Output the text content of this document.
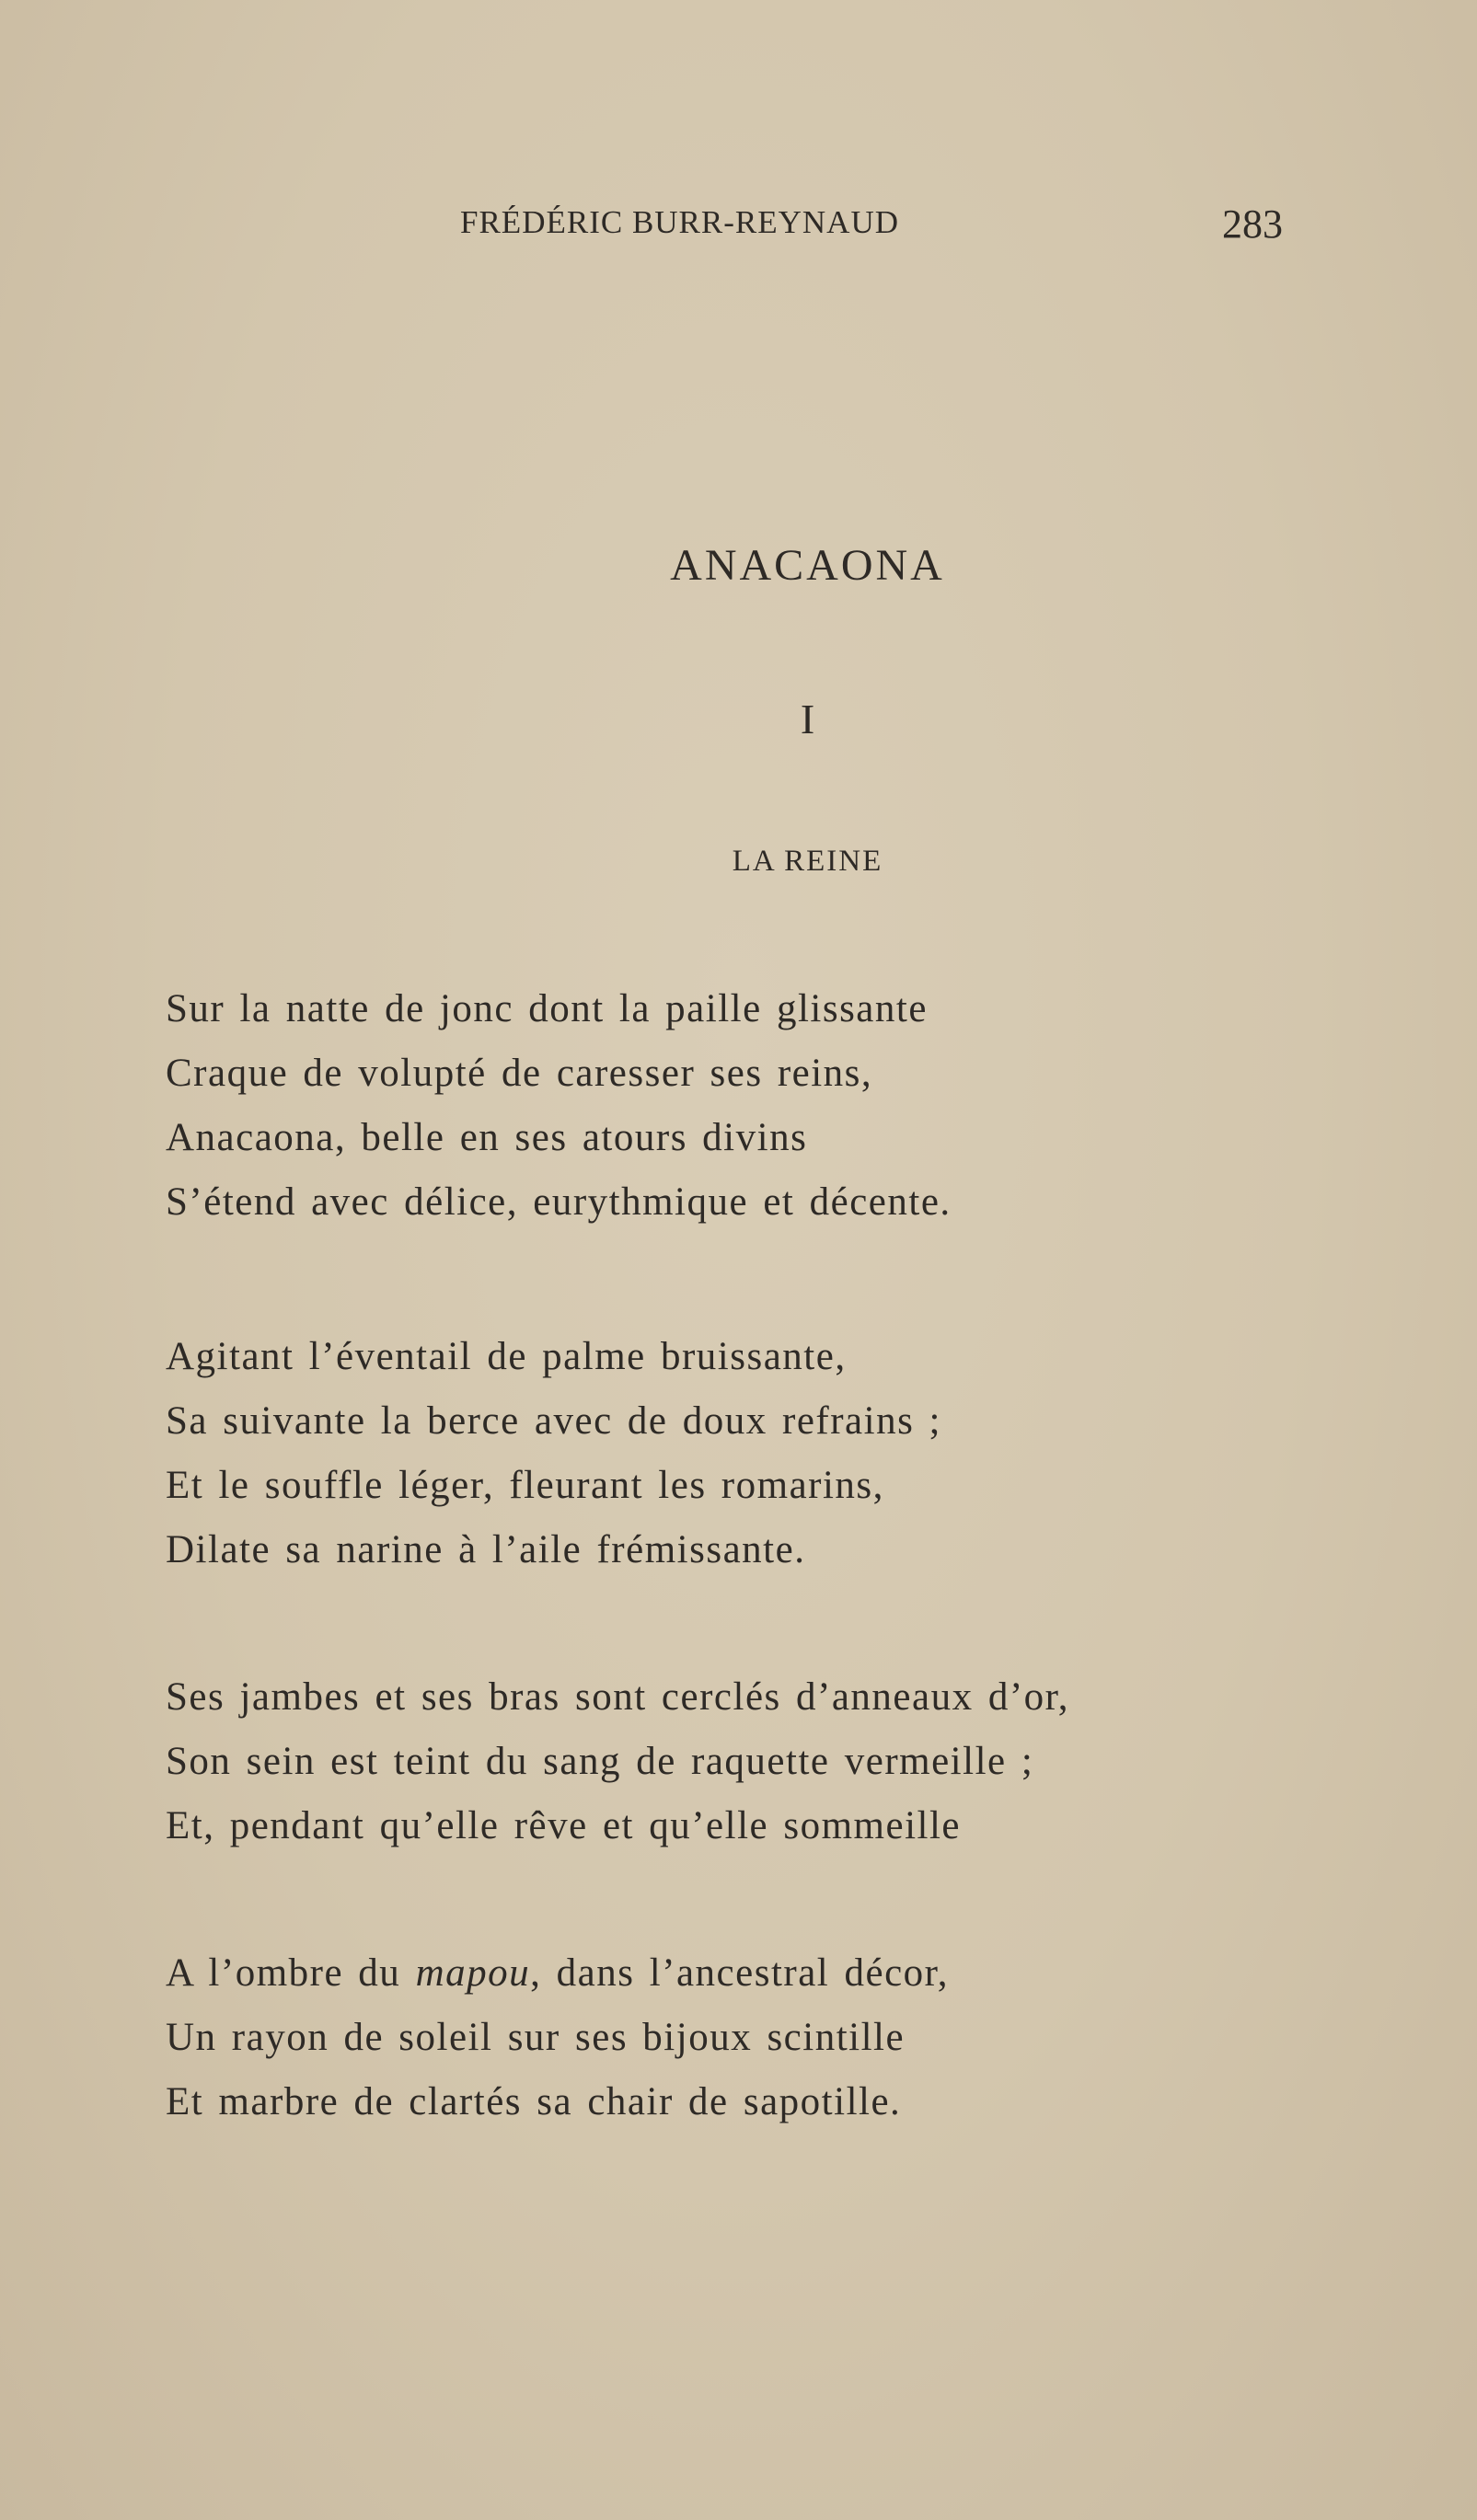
FRÉDÉRIC BURR-REYNAUD	283
ANACAONA
I
LA REINE
Sur la natte de jonc dont la paille glissante
Craque de volupté de caresser ses reins,
Anacaona, belle en ses atours divins
S’étend avec délice, eurythmique et décente.
Agitant l’éventail de palme bruissante,
Sa suivante la berce avec de doux refrains ;
Et le souffle léger, fleurant les romarins,
Dilate sa narine à l’aile frémissante.
Ses jambes et ses bras sont cerclés d’anneaux d’or,
Son sein est teint du sang de raquette vermeille ;
Et, pendant qu’elle rêve et qu’elle sommeille
A l’ombre du mapou, dans l’ancestral décor,
Un rayon de soleil sur ses bijoux scintille
Et marbre de clartés sa chair de sapotille.
